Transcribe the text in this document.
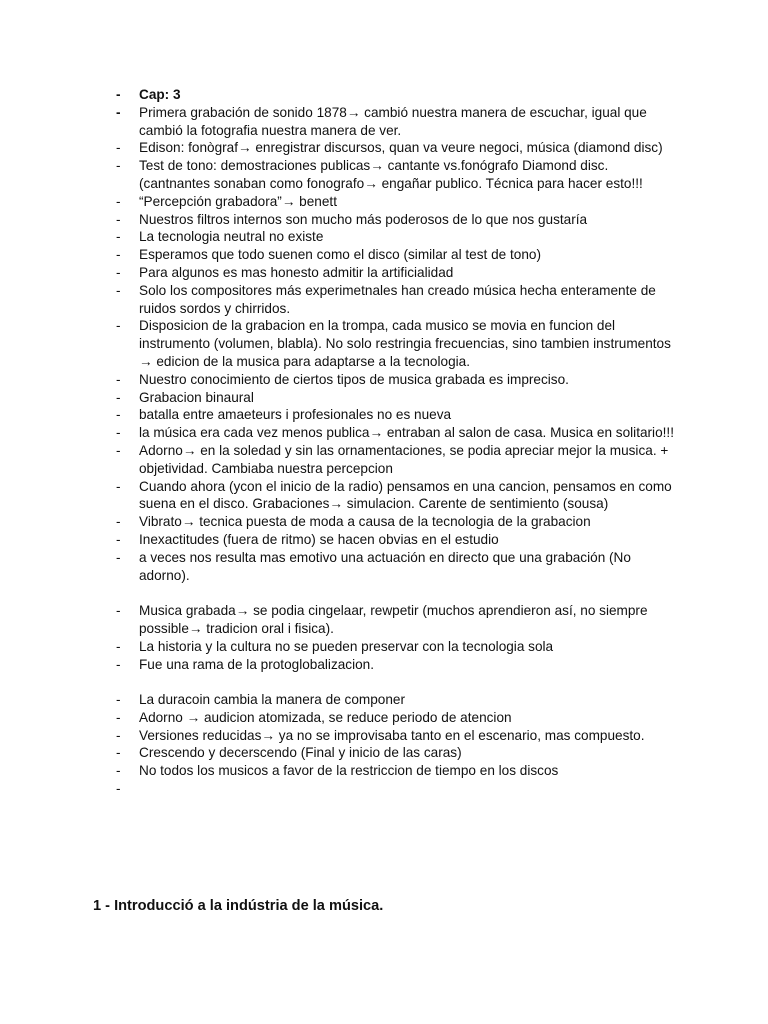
- Cap: 3
- Primera grabación de sonido 1878→ cambió nuestra manera de escuchar, igual que cambió la fotografia nuestra manera de ver.
- Edison: fonògraf→ enregistrar discursos, quan va veure negoci, música (diamond disc)
- Test de tono: demostraciones publicas→ cantante vs.fonógrafo Diamond disc. (cantnantes sonaban como fonografo→ engañar publico. Técnica para hacer esto!!!
- “Percepción grabadora”→ benett
- Nuestros filtros internos son mucho más poderosos de lo que nos gustaría
- La tecnologia neutral no existe
- Esperamos que todo suenen como el disco (similar al test de tono)
- Para algunos es mas honesto admitir la artificialidad
- Solo los compositores más experimetnales han creado música hecha enteramente de ruidos sordos y chirridos.
- Disposicion de la grabacion en la trompa, cada musico se movia en funcion del instrumento (volumen, blabla). No solo restringia frecuencias, sino tambien instrumentos → edicion de la musica para adaptarse a la tecnologia.
- Nuestro conocimiento de ciertos tipos de musica grabada es impreciso.
- Grabacion binaural
- batalla entre amaeteurs i profesionales no es nueva
- la música era cada vez menos publica→ entraban al salon de casa. Musica en solitario!!!
- Adorno→ en la soledad y sin las ornamentaciones, se podia apreciar mejor la musica. + objetividad. Cambiaba nuestra percepcion
- Cuando ahora (ycon el inicio de la radio) pensamos en una cancion, pensamos en como suena en el disco. Grabaciones→ simulacion. Carente de sentimiento (sousa)
- Vibrato→ tecnica puesta de moda a causa de la tecnologia de la grabacion
- Inexactitudes (fuera de ritmo) se hacen obvias en el estudio
- a veces nos resulta mas emotivo una actuación en directo que una grabación (No adorno).
- Musica grabada→ se podia cingelaar, rewpetir (muchos aprendieron así, no siempre possible→ tradicion oral i fisica).
- La historia y la cultura no se pueden preservar con la tecnologia sola
- Fue una rama de la protoglobalizacion.
- La duracoin cambia la manera de componer
- Adorno → audicion atomizada, se reduce periodo de atencion
- Versiones reducidas→ ya no se improvisaba tanto en el escenario, mas compuesto.
- Crescendo y decerscendo (Final y inicio de las caras)
- No todos los musicos a favor de la restriccion de tiempo en los discos
-
1 - Introducció a la indústria de la música.
